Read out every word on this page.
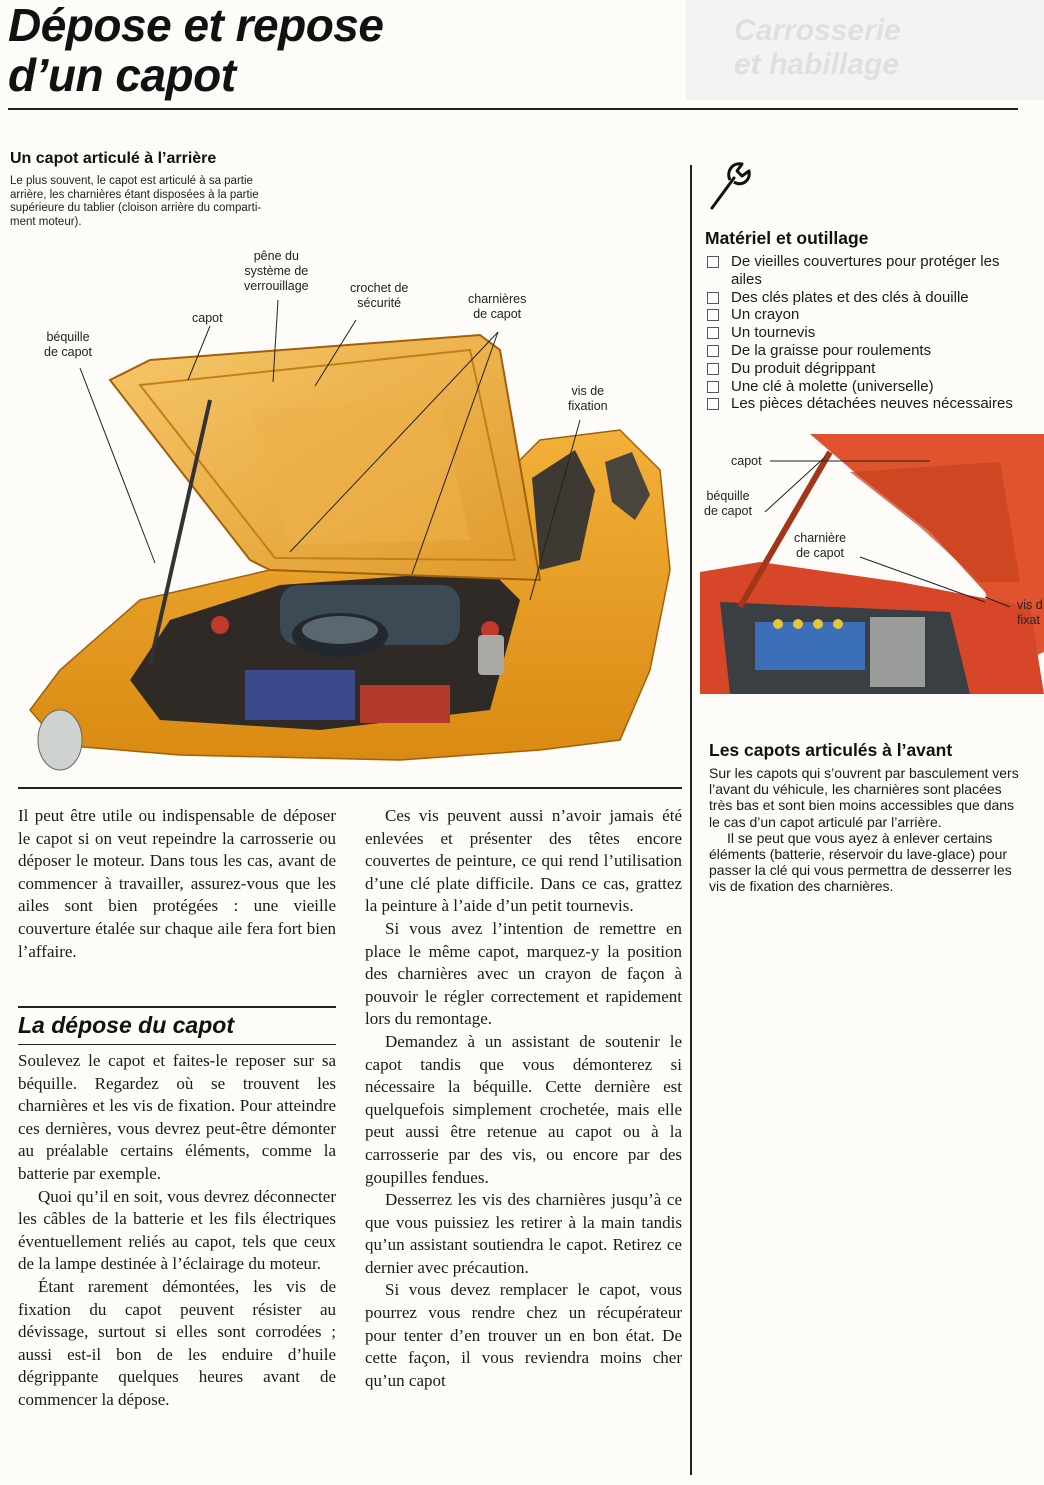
Carrosserie
et habillage
Dépose et repose
d’un capot
Un capot articulé à l’arrière
Le plus souvent, le capot est articulé à sa partie
arrière, les charnières étant disposées à la partie
supérieure du tablier (cloison arrière du comparti-
ment moteur).
béquille
de capot
capot
pêne du
système de
verrouillage	crochet de
sécurité	charnières
de capot
vis de
fixation

Il peut être utile ou indispensable de déposer le capot si on veut repeindre la carrosserie ou déposer le moteur. Dans tous les cas, avant de commencer à travailler, assurez-vous que les ailes sont bien protégées : une vieille couverture étalée sur chaque aile fera fort bien l’affaire.

La dépose du capot

Soulevez le capot et faites-le reposer sur sa béquille. Regardez où se trouvent les charnières et les vis de fixation. Pour atteindre ces dernières, vous devrez peut-être démonter au préalable certains éléments, comme la batterie par exemple.

Quoi qu’il en soit, vous devrez déconnecter les câbles de la batterie et les fils électriques éventuellement reliés au capot, tels que ceux de la lampe destinée à l’éclairage du moteur.

Étant rarement démontées, les vis de fixation du capot peuvent résister au dévissage, surtout si elles sont corrodées ; aussi est-il bon de les enduire d’huile dégrippante quelques heures avant de commencer la dépose.

Ces vis peuvent aussi n’avoir jamais été enlevées et présenter des têtes encore couvertes de peinture, ce qui rend l’utilisation d’une clé plate difficile. Dans ce cas, grattez la peinture à l’aide d’un petit tournevis.

Si vous avez l’intention de remettre en place le même capot, marquez-y la position des charnières avec un crayon de façon à pouvoir le régler correctement et rapidement lors du remontage.

Demandez à un assistant de soutenir le capot tandis que vous démonterez si nécessaire la béquille. Cette dernière est quelquefois simplement crochetée, mais elle peut aussi être retenue au capot ou à la carrosserie par des vis, ou encore par des goupilles fendues.

Desserrez les vis des charnières jusqu’à ce que vous puissiez les retirer à la main tandis qu’un assistant soutiendra le capot. Retirez ce dernier avec précaution.

Si vous devez remplacer le capot, vous pourrez vous rendre chez un récupérateur pour tenter d’en trouver un en bon état. De cette façon, il vous reviendra moins cher qu’un capot

Matériel et outillage
De vieilles couvertures pour protéger les ailes
Des clés plates et des clés à douille
Un crayon
Un tournevis
De la graisse pour roulements
Du produit dégrippant
Une clé à molette (universelle)
Les pièces détachées neuves nécessaires
capot
béquille
de capot
charnière
de capot
vis d
fixat
Les capots articulés à l’avant

Sur les capots qui s’ouvrent par basculement vers l’avant du véhicule, les charnières sont placées très bas et sont bien moins accessibles que dans le cas d’un capot articulé par l’arrière.

Il se peut que vous ayez à enlever certains éléments (batterie, réservoir du lave-glace) pour passer la clé qui vous permettra de desserrer les vis de fixation des charnières.
